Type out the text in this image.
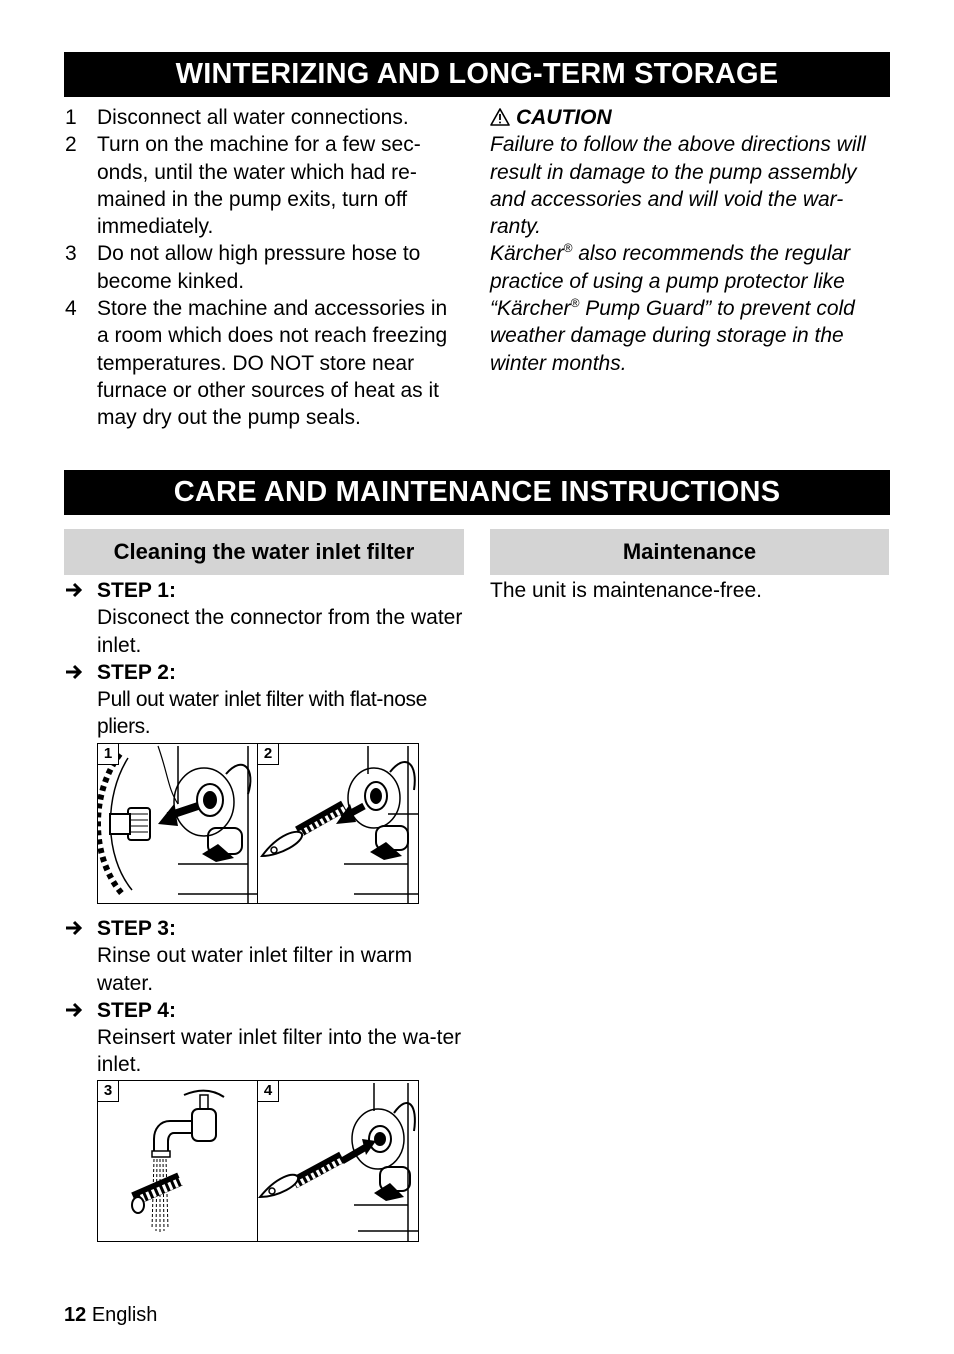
WINTERIZING AND LONG-TERM STORAGE
1 Disconnect all water connections.
2 Turn on the machine for a few sec-onds, until the water which had re-mained in the pump exits, turn off immediately.
3 Do not allow high pressure hose to become kinked.
4 Store the machine and accessories in a room which does not reach freezing temperatures. DO NOT store near furnace or other sources of heat as it may dry out the pump seals.
CAUTION
Failure to follow the above directions will result in damage to the pump assembly and accessories and will void the war-ranty.
Kärcher® also recommends the regular practice of using a pump protector like “Kärcher® Pump Guard” to prevent cold weather damage during storage in the winter months.
CARE AND MAINTENANCE INSTRUCTIONS
Cleaning the water inlet filter	Maintenance
The unit is maintenance-free.
STEP 1:
Disconect the connector from the water inlet.
STEP 2:
Pull out water inlet filter with flat-nose pliers.
1	2
STEP 3:
Rinse out water inlet filter in warm water.
STEP 4:
Reinsert water inlet filter into the wa-ter inlet.
3	4
12 English
